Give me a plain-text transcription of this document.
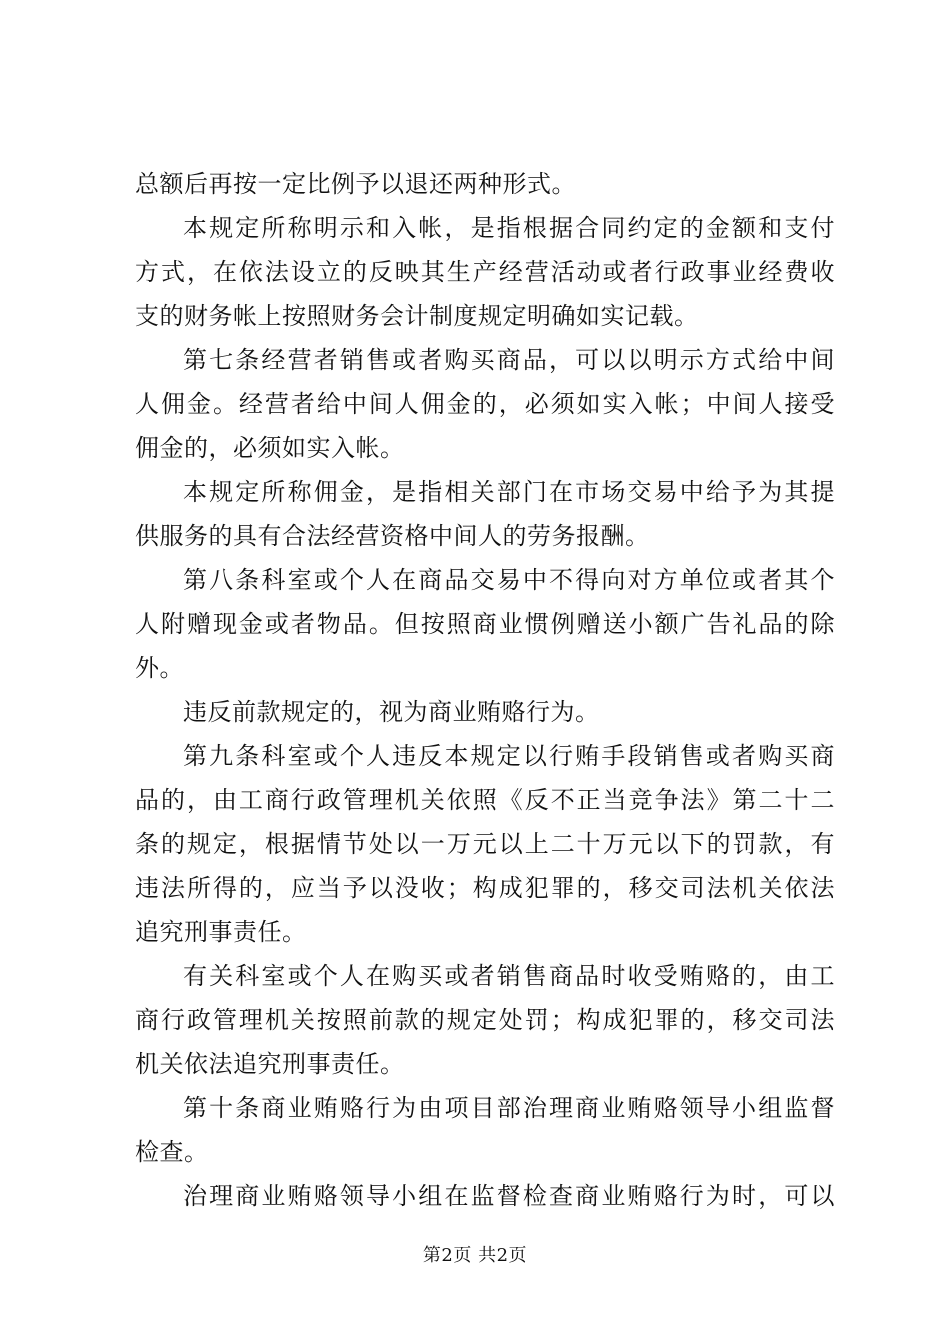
总额后再按一定比例予以退还两种形式。
本规定所称明示和入帐，是指根据合同约定的金额和支付
方式，在依法设立的反映其生产经营活动或者行政事业经费收
支的财务帐上按照财务会计制度规定明确如实记载。
第七条经营者销售或者购买商品，可以以明示方式给中间
人佣金。经营者给中间人佣金的，必须如实入帐；中间人接受
佣金的，必须如实入帐。
本规定所称佣金，是指相关部门在市场交易中给予为其提
供服务的具有合法经营资格中间人的劳务报酬。
第八条科室或个人在商品交易中不得向对方单位或者其个
人附赠现金或者物品。但按照商业惯例赠送小额广告礼品的除
外。
违反前款规定的，视为商业贿赂行为。
第九条科室或个人违反本规定以行贿手段销售或者购买商
品的，由工商行政管理机关依照《反不正当竞争法》第二十二
条的规定，根据情节处以一万元以上二十万元以下的罚款，有
违法所得的，应当予以没收；构成犯罪的，移交司法机关依法
追究刑事责任。
有关科室或个人在购买或者销售商品时收受贿赂的，由工
商行政管理机关按照前款的规定处罚；构成犯罪的，移交司法
机关依法追究刑事责任。
第十条商业贿赂行为由项目部治理商业贿赂领导小组监督
检查。
治理商业贿赂领导小组在监督检查商业贿赂行为时，可以
第2页 共2页
